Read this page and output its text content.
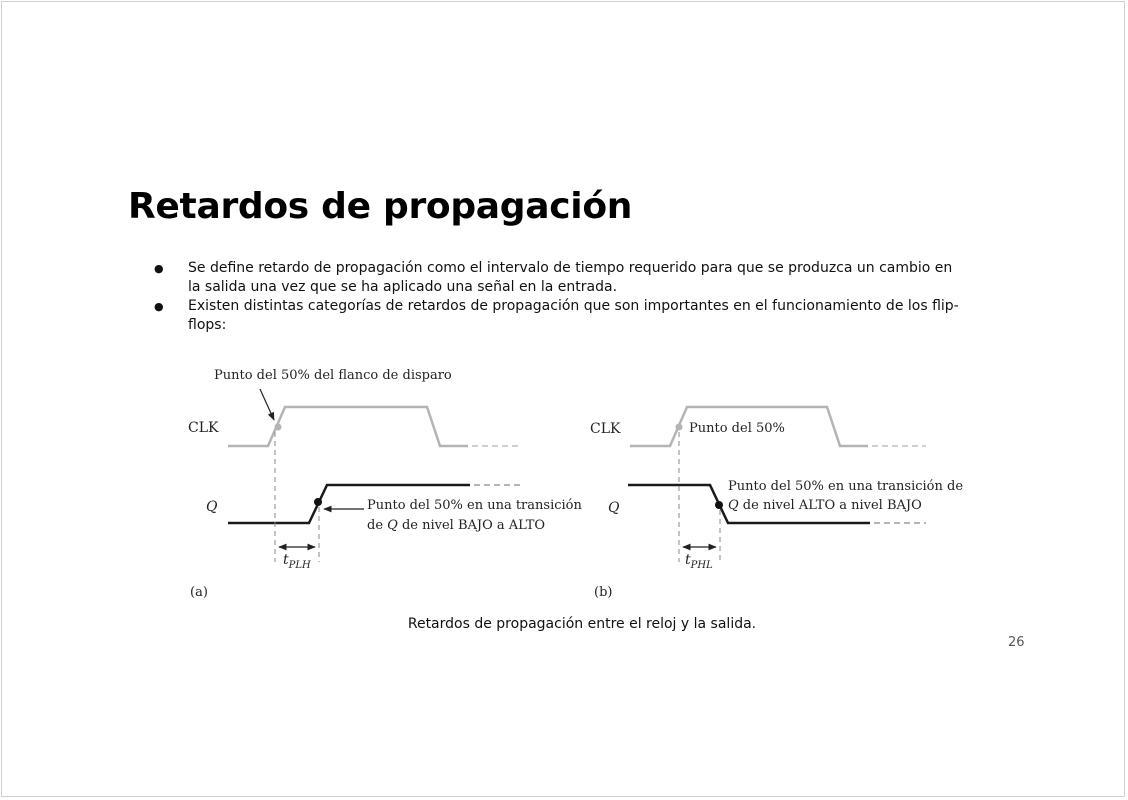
Retardos de propagación
● Se define retardo de propagación como el intervalo de tiempo requerido para que se produzca un cambio en la salida una vez que se ha aplicado una señal en la entrada.
● Existen distintas categorías de retardos de propagación que son importantes en el funcionamiento de los flip-flops:
Punto del 50% del flanco de disparo
CLK
Q	Punto del 50% en una transición
de Q de nivel BAJO a ALTO
$t_{PLH}$
(a)
CLK	Punto del 50%
Q
Punto del 50% en una transición de
Q de nivel ALTO a nivel BAJO
$t_{PHL}$
(b)
Retardos de propagación entre el reloj y la salida.
26
